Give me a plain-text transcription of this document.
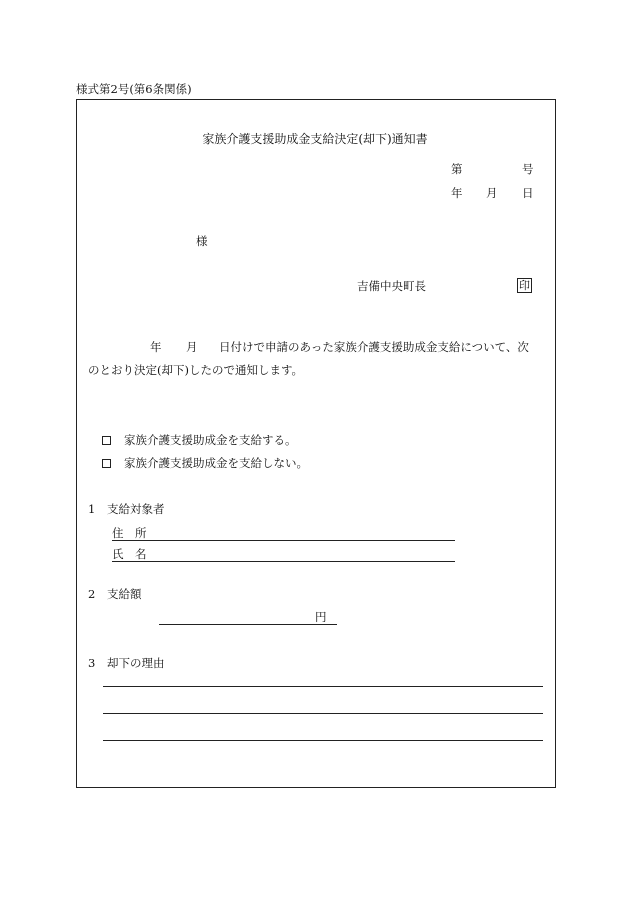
様式第2号(第6条関係)
家族介護支援助成金支給決定(却下)通知書
第	号
年 月 日
様
吉備中央町長	印
年 月 日付けで申請のあった家族介護支援助成金支給について、次
のとおり決定(却下)したので通知します。
家族介護支援助成金を支給する。
家族介護支援助成金を支給しない。
1 支給対象者
住　所
氏　名
2 支給額
円
3 却下の理由
